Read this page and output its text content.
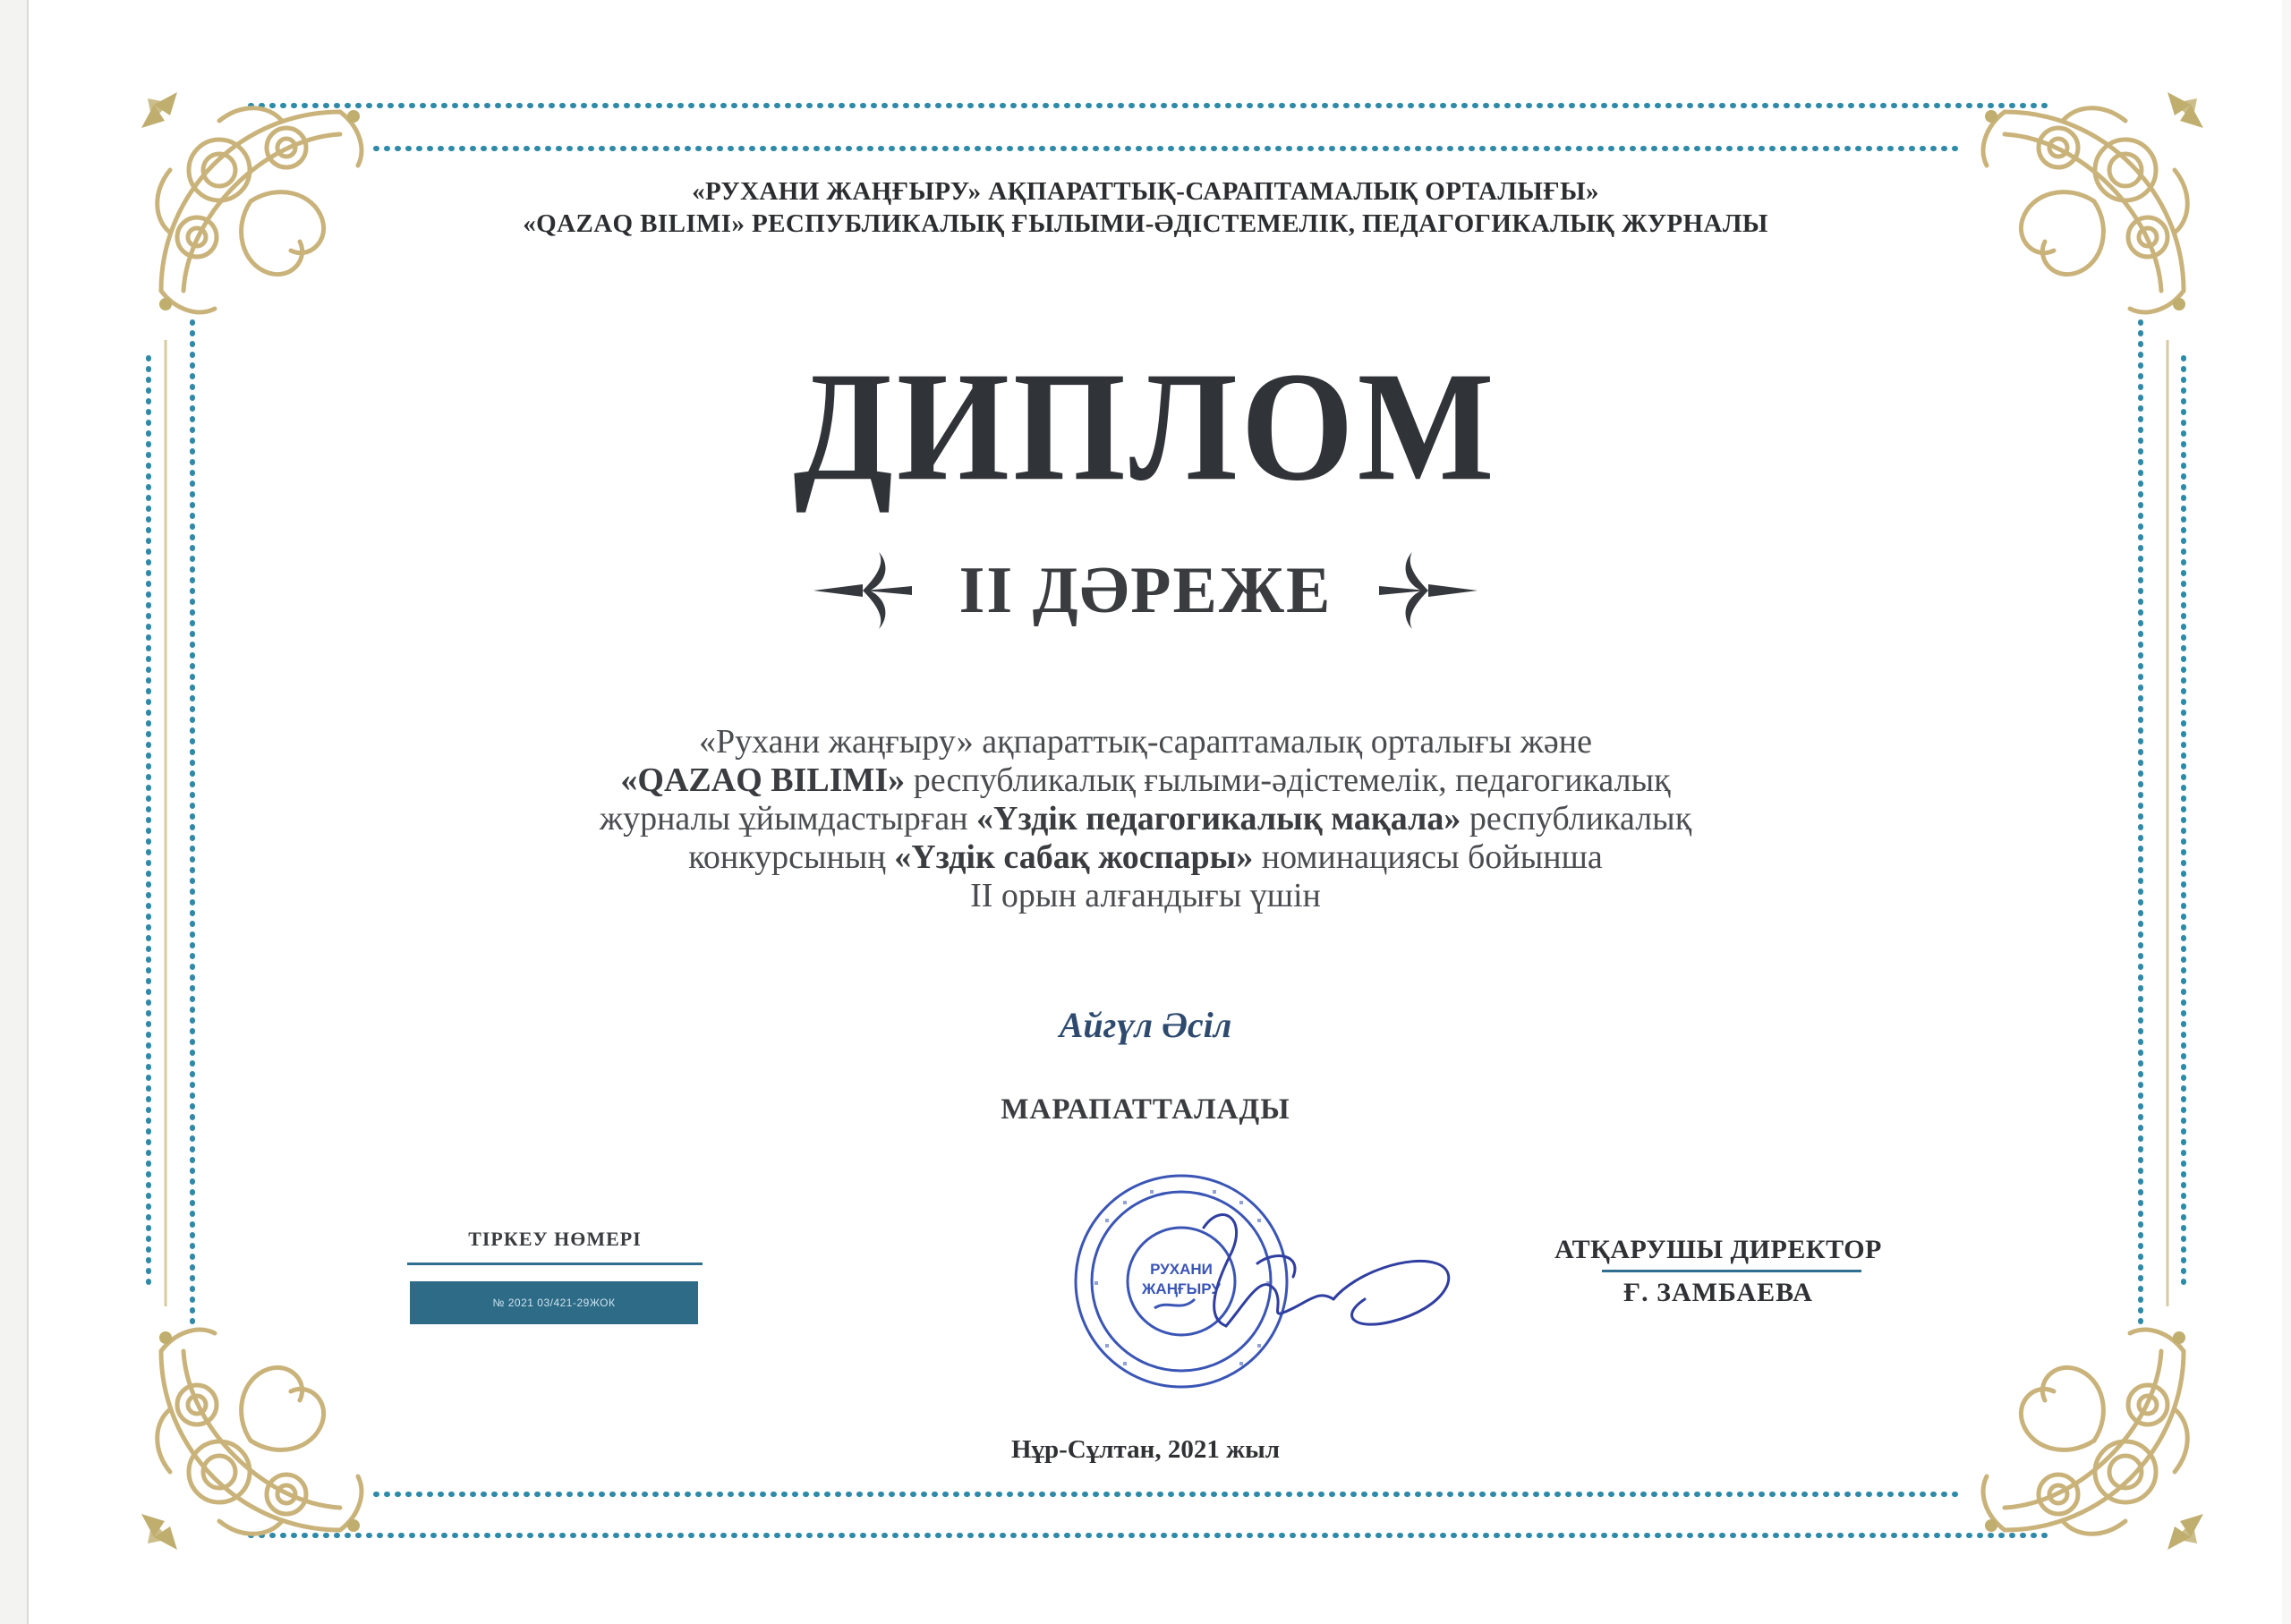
«РУХАНИ ЖАҢҒЫРУ» АҚПАРАТТЫҚ-САРАПТАМАЛЫҚ ОРТАЛЫҒЫ»
«QAZAQ BILIMI» РЕСПУБЛИКАЛЫҚ ҒЫЛЫМИ-ӘДІСТЕМЕЛІК, ПЕДАГОГИКАЛЫҚ ЖУРНАЛЫ
ДИПЛОМ
II ДӘРЕЖЕ
«Рухани жаңғыру» ақпараттық-сараптамалық орталығы және
«QAZAQ BILIMI» республикалық ғылыми-әдістемелік, педагогикалық
журналы ұйымдастырған «Үздік педагогикалық мақала» республикалық
конкурсының «Үздік сабақ жоспары» номинациясы бойынша
II орын алғандығы үшін
Айгүл Әсіл
МАРАПАТТАЛАДЫ
ТІРКЕУ НӨМЕРІ
№ 2021 03/421-29ЖОК
РУХАНИ
ЖАҢҒЫРУ
АТҚАРУШЫ ДИРЕКТОР
Ғ. ЗАМБАЕВА
Нұр-Сұлтан, 2021 жыл
